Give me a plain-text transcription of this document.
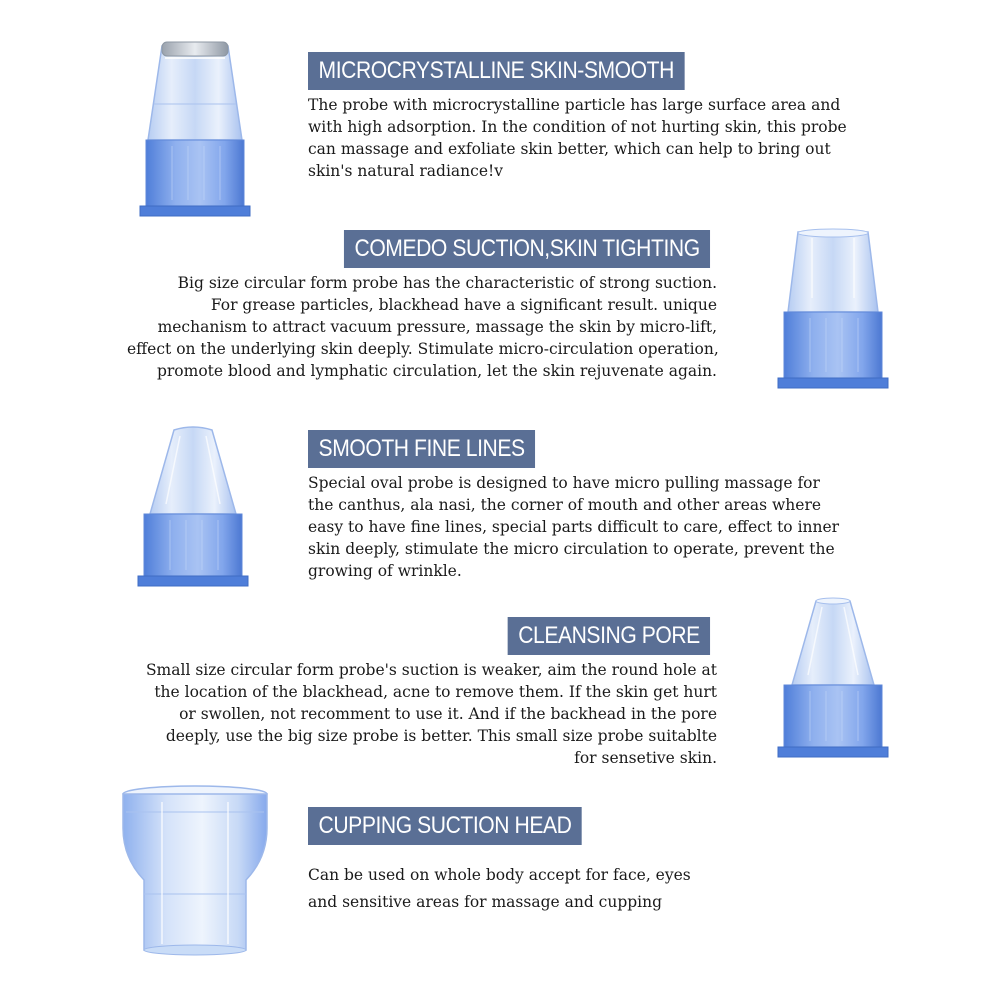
MICROCRYSTALLINE SKIN-SMOOTH

The probe with microcrystalline particle has large surface area and
with high adsorption. In the condition of not hurting skin, this probe
can massage and exfoliate skin better, which can help to bring out
skin's natural radiance!v

COMEDO SUCTION,SKIN TIGHTING

Big size circular form probe has the characteristic of strong suction.
For grease particles, blackhead have a significant result. unique
mechanism to attract vacuum pressure, massage the skin by micro-lift,
effect on the underlying skin deeply. Stimulate micro-circulation operation,
promote blood and lymphatic circulation, let the skin rejuvenate again.

SMOOTH FINE LINES

Special oval probe is designed to have micro pulling massage for
the canthus, ala nasi, the corner of mouth and other areas where
easy to have fine lines, special parts difficult to care, effect to inner
skin deeply, stimulate the micro circulation to operate, prevent the
growing of wrinkle.

CLEANSING PORE

Small size circular form probe's suction is weaker, aim the round hole at
the location of the blackhead, acne to remove them. If the skin get hurt
or swollen, not recomment to use it. And if the backhead in the pore
deeply, use the big size probe is better. This small size probe suitablte
for sensetive skin.

CUPPING SUCTION HEAD

Can be used on whole body accept for face, eyes
and sensitive areas for massage and cupping
